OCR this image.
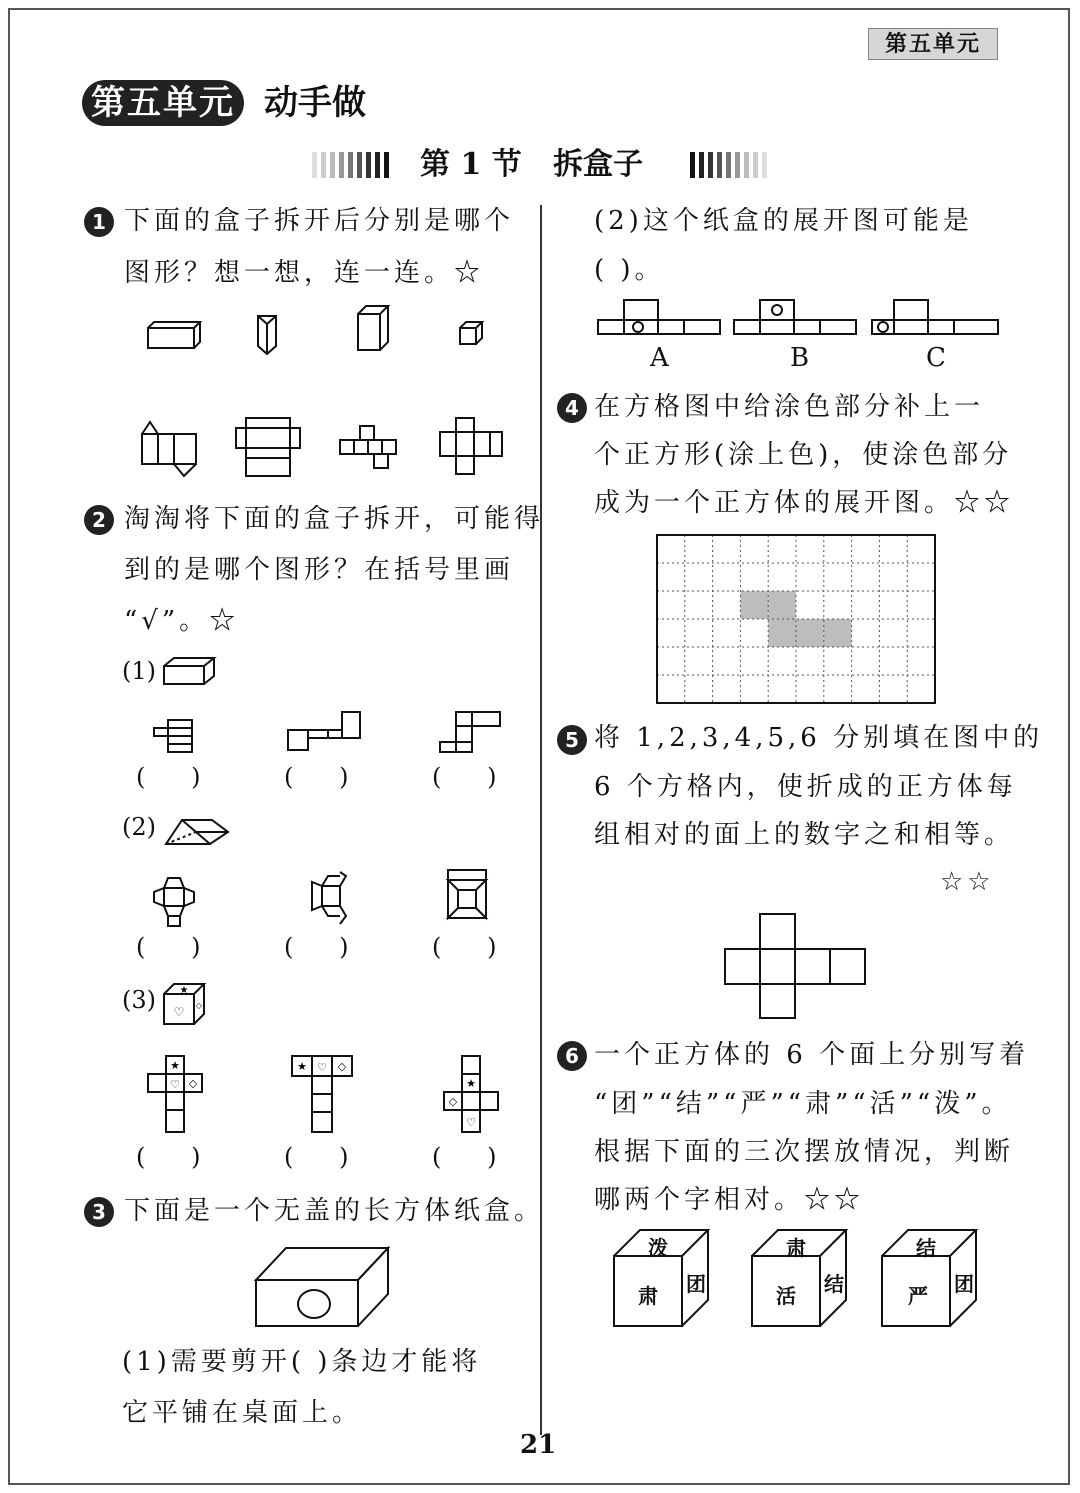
第五单元
第五单元 动手做
第 1 节   拆盒子
1 下面的盒子拆开后分别是哪个
图形？想一想，连一连。☆
2 淘淘将下面的盒子拆开，可能得
到的是哪个图形？在括号里画
“√”。☆
(1)
(      )	(      )	(      )
(2)
(      )	(      )	(      )
(3) ★
♡ ◇
★
♡ ◇
★ ♡ ◇
★
◇
♡
(      )	(      )	(      )
3 下面是一个无盖的长方体纸盒。
(1)需要剪开( )条边才能将
它平铺在桌面上。
(2)这个纸盒的展开图可能是
( )。
A	B	C
4 在方格图中给涂色部分补上一
个正方形(涂上色)，使涂色部分
成为一个正方体的展开图。☆☆
5 将 1,2,3,4,5,6 分别填在图中的
6 个方格内，使折成的正方体每
组相对的面上的数字之和相等。
☆☆
6 一个正方体的 6 个面上分别写着
“团”“结”“严”“肃”“活”“泼”。
根据下面的三次摆放情况，判断
哪两个字相对。☆☆
泼
肃 团
肃
活 结
结
严 团
21
